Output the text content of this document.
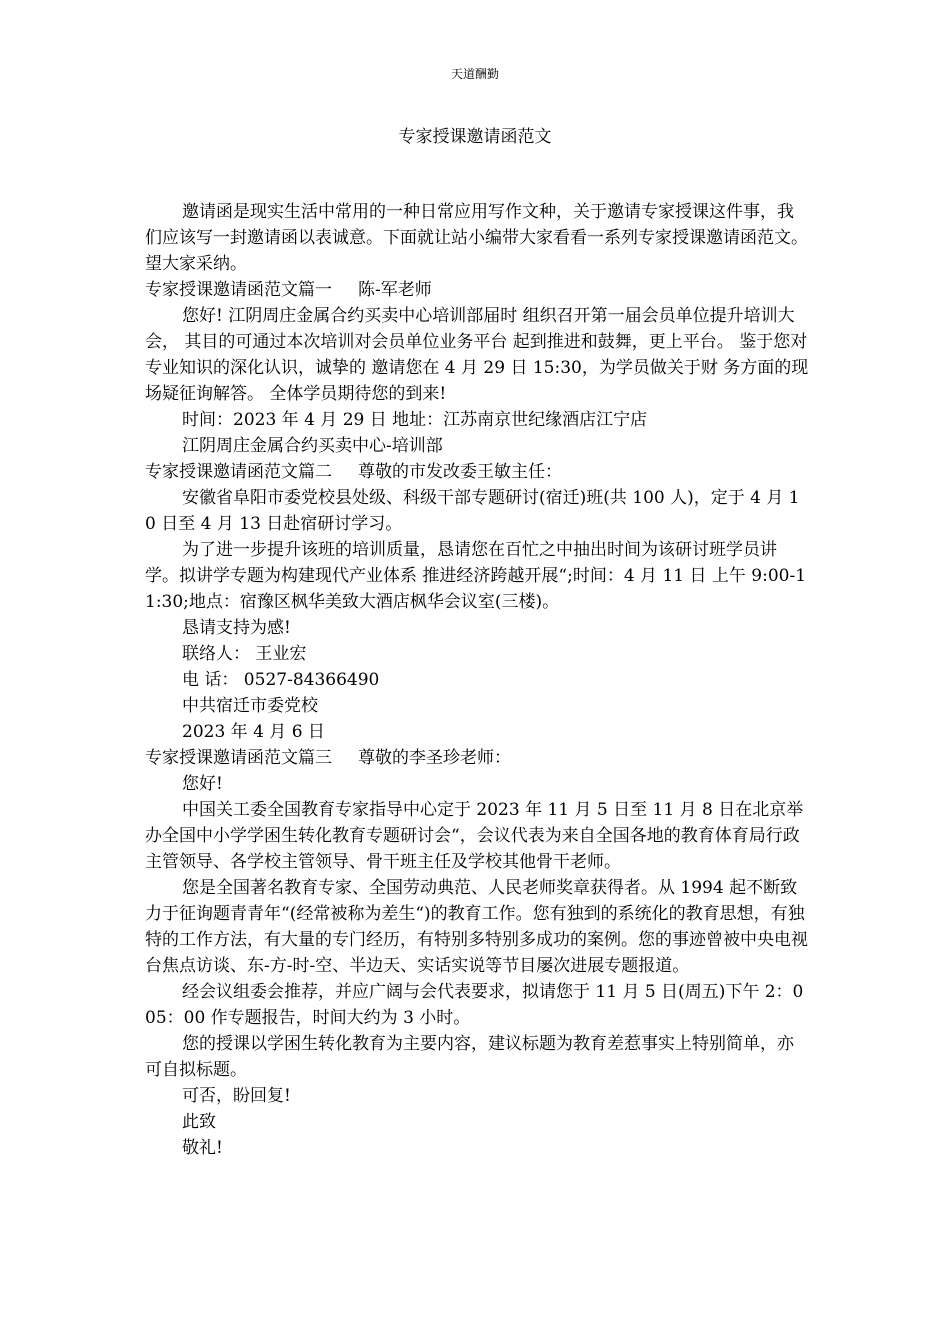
天道酬勤
专家授课邀请函范文

邀请函是现实生活中常用的一种日常应用写作文种，关于邀请专家授课这件事，我们应该写一封邀请函以表诚意。下面就让站小编带大家看看一系列专家授课邀请函范文。望大家采纳。

专家授课邀请函范文篇一 陈-军老师

您好! 江阴周庄金属合约买卖中心培训部届时 组织召开第一届会员单位提升培训大会， 其目的可通过本次培训对会员单位业务平台 起到推进和鼓舞，更上平台。 鉴于您对专业知识的深化认识，诚挚的 邀请您在 4 月 29 日 15:30，为学员做关于财 务方面的现场疑征询解答。 全体学员期待您的到来!

时间：2023 年 4 月 29 日 地址：江苏南京世纪缘酒店江宁店

江阴周庄金属合约买卖中心-培训部

专家授课邀请函范文篇二 尊敬的市发改委王敏主任：

安徽省阜阳市委党校县处级、科级干部专题研讨(宿迁)班(共 100 人)，定于 4 月 10 日至 4 月 13 日赴宿研讨学习。

为了进一步提升该班的培训质量，恳请您在百忙之中抽出时间为该研讨班学员讲学。拟讲学专题为构建现代产业体系 推进经济跨越开展“;时间：4 月 11 日 上午 9:00-11:30;地点：宿豫区枫华美致大酒店枫华会议室(三楼)。

恳请支持为感!

联络人： 王业宏

电 话： 0527-84366490

中共宿迁市委党校

2023 年 4 月 6 日

专家授课邀请函范文篇三 尊敬的李圣珍老师：

您好!

中国关工委全国教育专家指导中心定于 2023 年 11 月 5 日至 11 月 8 日在北京举办全国中小学学困生转化教育专题研讨会“，会议代表为来自全国各地的教育体育局行政主管领导、各学校主管领导、骨干班主任及学校其他骨干老师。

您是全国著名教育专家、全国劳动典范、人民老师奖章获得者。从 1994 起不断致力于征询题青青年“(经常被称为差生“)的教育工作。您有独到的系统化的教育思想，有独特的工作方法，有大量的专门经历，有特别多特别多成功的案例。您的事迹曾被中央电视台焦点访谈、东-方-时-空、半边天、实话实说等节目屡次进展专题报道。

经会议组委会推荐，并应广阔与会代表要求，拟请您于 11 月 5 日(周五)下午 2：005：00 作专题报告，时间大约为 3 小时。

您的授课以学困生转化教育为主要内容，建议标题为教育差惹事实上特别简单，亦可自拟标题。

可否，盼回复!

此致

敬礼!
